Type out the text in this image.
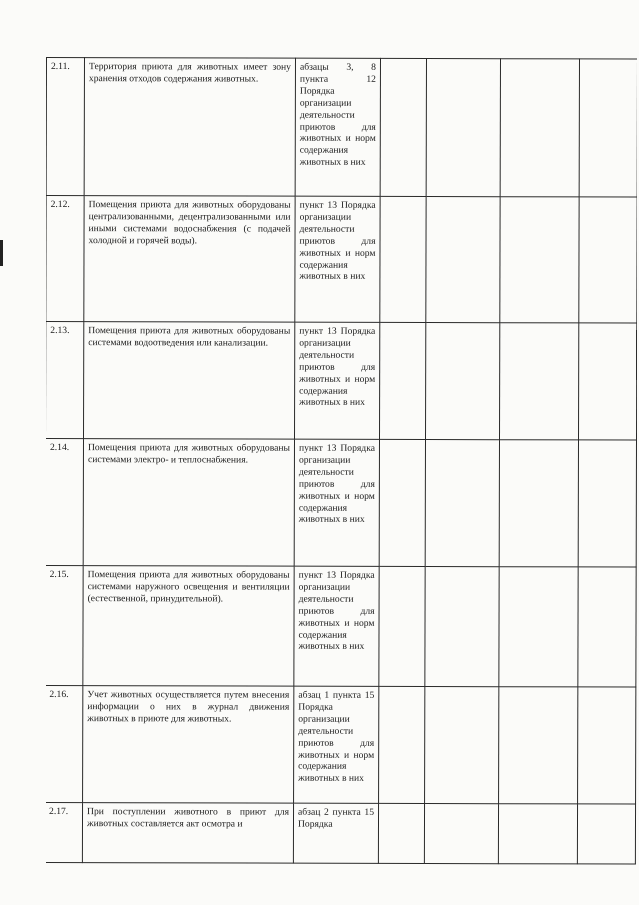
2.11.	Территория приюта для животных имеет зону хранения отходов содержания животных.	абзацы 3, 8 пункта 12 Порядка организации деятельности приютов для животных и норм содержания животных в них				
2.12.	Помещения приюта для животных оборудованы централизованными, децентрализованными или иными системами водоснабжения (с подачей холодной и горячей воды).	пункт 13 Порядка организации деятельности приютов для животных и норм содержания животных в них				
2.13.	Помещения приюта для животных оборудованы системами водоотведения или канализации.	пункт 13 Порядка организации деятельности приютов для животных и норм содержания животных в них				
2.14.	Помещения приюта для животных оборудованы системами электро- и теплоснабжения.	пункт 13 Порядка организации деятельности приютов для животных и норм содержания животных в них				
2.15.	Помещения приюта для животных оборудованы системами наружного освещения и вентиляции (естественной, принудительной).	пункт 13 Порядка организации деятельности приютов для животных и норм содержания животных в них				
2.16.	Учет животных осуществляется путем внесения информации о них в журнал движения животных в приюте для животных.	абзац 1 пункта 15 Порядка организации деятельности приютов для животных и норм содержания животных в них				
2.17.	При поступлении животного в приют для животных составляется акт осмотра и	абзац 2 пункта 15 Порядка				
